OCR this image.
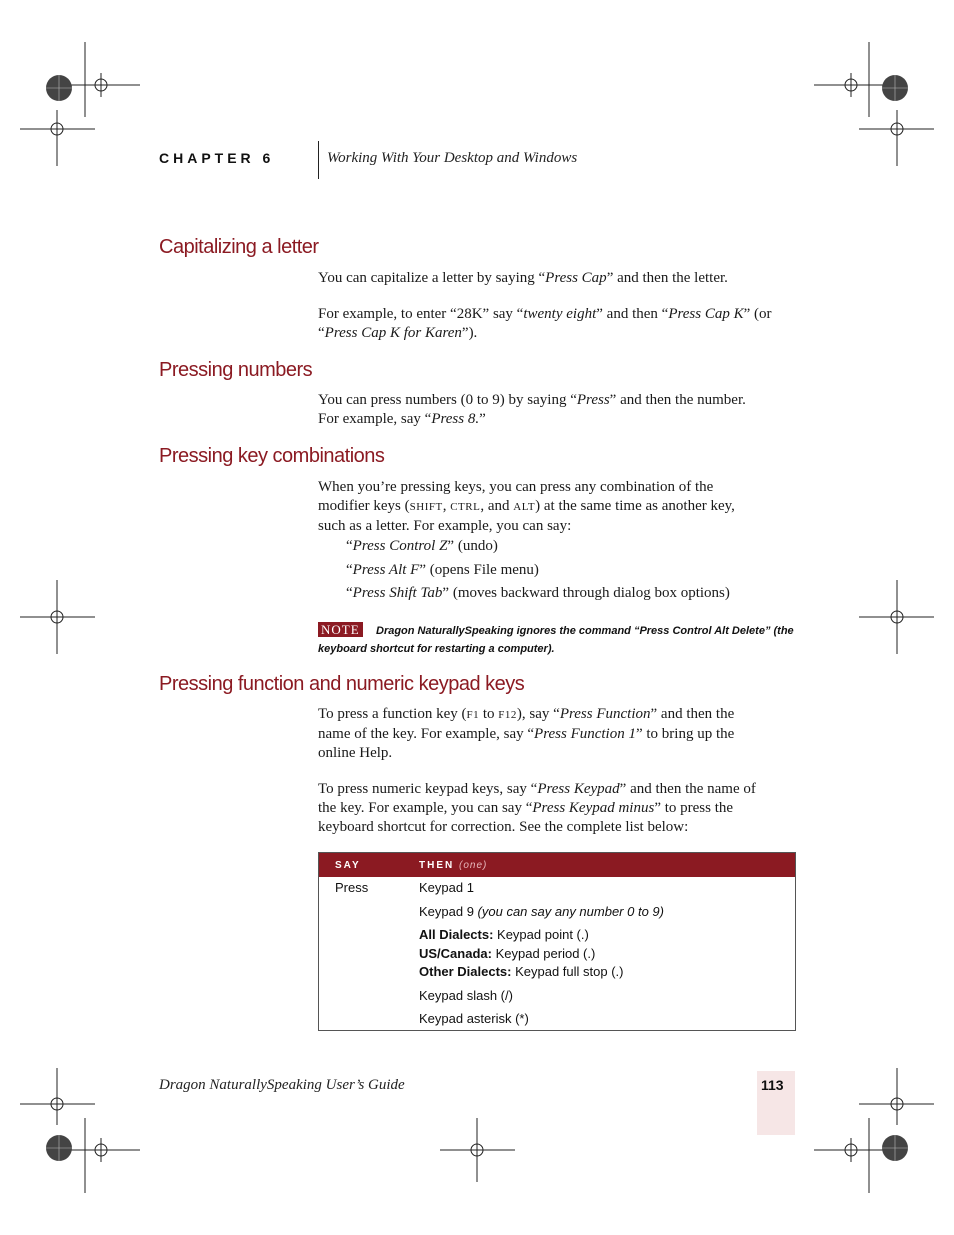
CHAPTER 6	Working With Your Desktop and Windows
Capitalizing a letter
You can capitalize a letter by saying “Press Cap” and then the letter.
For example, to enter “28K” say “twenty eight” and then “Press Cap K” (or
“Press Cap K for Karen”).
Pressing numbers
You can press numbers (0 to 9) by saying “Press” and then the number.
For example, say “Press 8.”
Pressing key combinations
When you’re pressing keys, you can press any combination of the
modifier keys (SHIFT, CTRL, and ALT) at the same time as another key,
such as a letter. For example, you can say:
“Press Control Z” (undo)
“Press Alt F” (opens File menu)
“Press Shift Tab” (moves backward through dialog box options)
Dragon NaturallySpeaking ignores the command “Press Control Alt Delete” (the keyboard shortcut for restarting a computer).
NOTE
Pressing function and numeric keypad keys
To press a function key (F1 to F12), say “Press Function” and then the
name of the key. For example, say “Press Function 1” to bring up the
online Help.
To press numeric keypad keys, say “Press Keypad” and then the name of
the key. For example, you can say “Press Keypad minus” to press the
keyboard shortcut for correction. See the complete list below:
SAY	THEN (one)
Press	Keypad 1
Keypad 9 (you can say any number 0 to 9)
All Dialects: Keypad point (.)
US/Canada: Keypad period (.)
Other Dialects: Keypad full stop (.)
Keypad slash (/)
Keypad asterisk (*)
Dragon NaturallySpeaking User’s Guide	113
